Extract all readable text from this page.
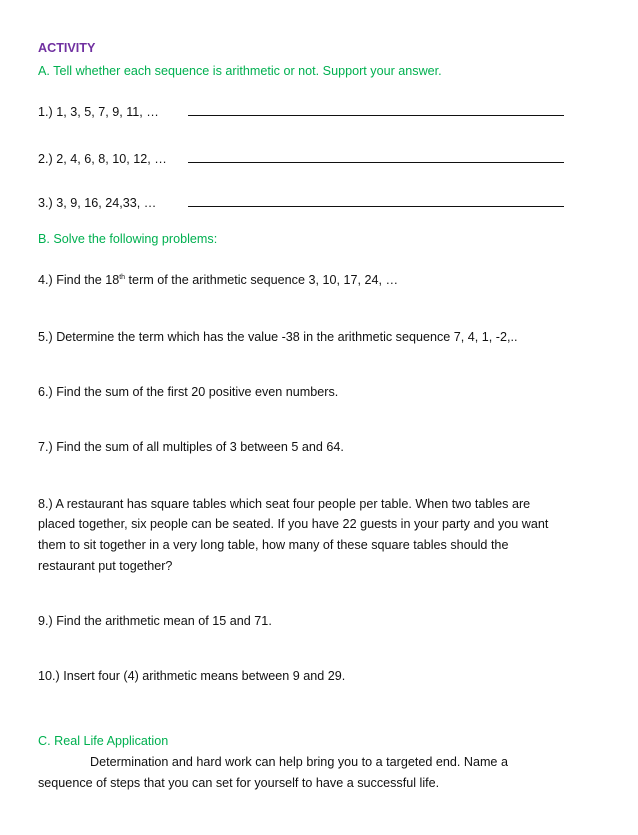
ACTIVITY
A. Tell whether each sequence is arithmetic or not. Support your answer.
1.) 1, 3, 5, 7, 9, 11, …
2.) 2, 4, 6, 8, 10, 12, …
3.) 3, 9, 16, 24,33, …
B. Solve the following problems:
4.) Find the 18th term of the arithmetic sequence 3, 10, 17, 24, …
5.) Determine the term which has the value -38 in the arithmetic sequence 7, 4, 1, -2,..
6.) Find the sum of the first 20 positive even numbers.
7.) Find the sum of all multiples of 3 between 5 and 64.
8.) A restaurant has square tables which seat four people per table. When two tables are
placed together, six people can be seated. If you have 22 guests in your party and you want
them to sit together in a very long table, how many of these square tables should the
restaurant put together?
9.) Find the arithmetic mean of 15 and 71.
10.) Insert four (4) arithmetic means between 9 and 29.
C. Real Life Application
Determination and hard work can help bring you to a targeted end. Name a
sequence of steps that you can set for yourself to have a successful life.
